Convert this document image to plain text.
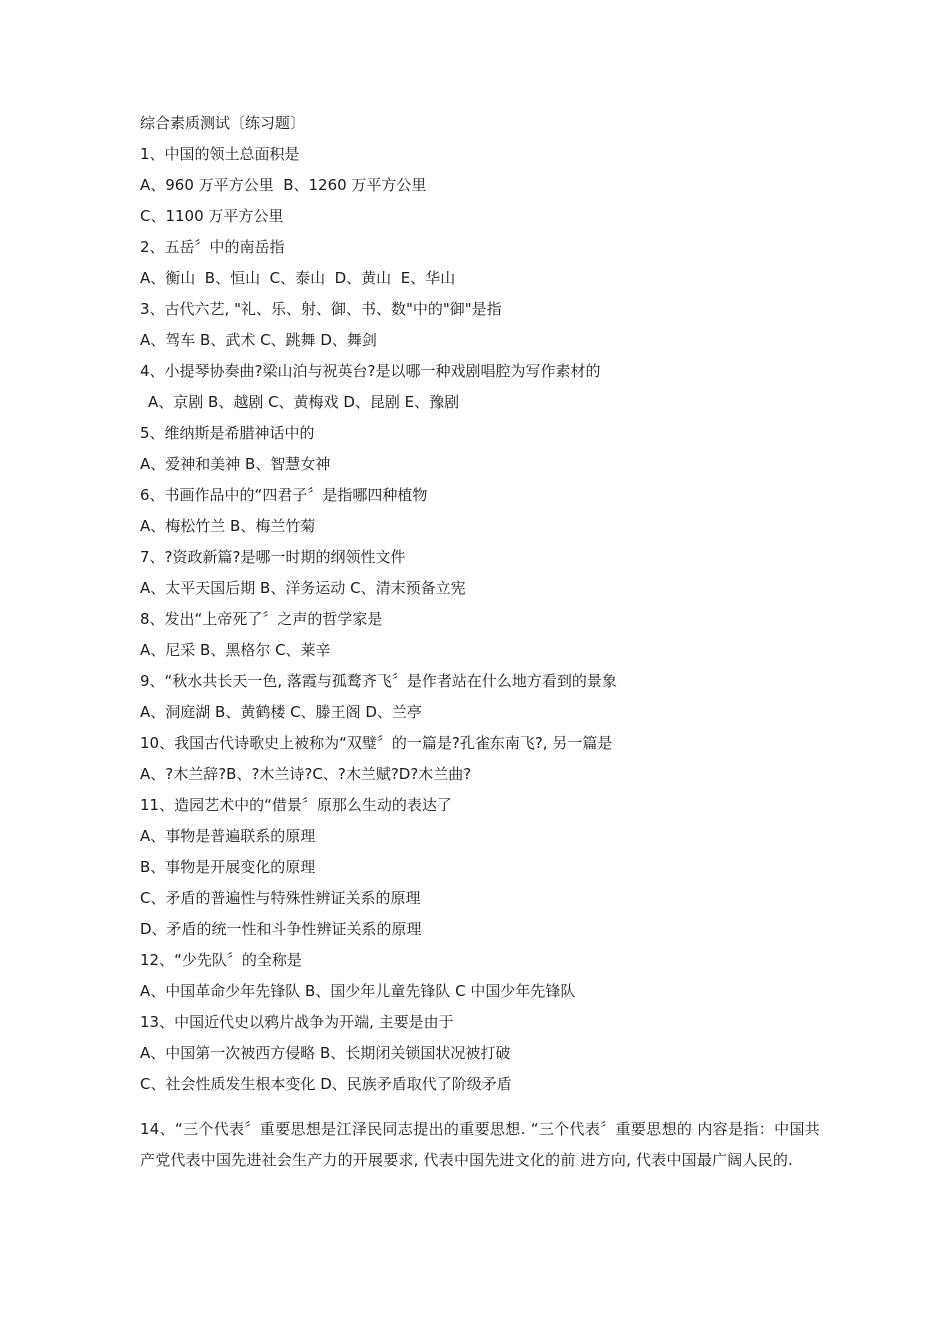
综合素质测试〔练习题〕
1、中国的领土总面积是
A、960 万平方公里  B、1260 万平方公里
C、1100 万平方公里
2、五岳〞中的南岳指
A、衡山  B、恒山  C、泰山  D、黄山  E、华山
3、古代六艺, "礼、乐、射、御、书、数"中的"御"是指
A、驾车 B、武术 C、跳舞 D、舞剑
4、小提琴协奏曲?梁山泊与祝英台?是以哪一种戏剧唱腔为写作素材的
A、京剧 B、越剧 C、黄梅戏 D、昆剧 E、豫剧
5、维纳斯是希腊神话中的
A、爱神和美神 B、智慧女神
6、书画作品中的“四君子〞是指哪四种植物
A、梅松竹兰 B、梅兰竹菊
7、?资政新篇?是哪一时期的纲领性文件
A、太平天国后期 B、洋务运动 C、清末预备立宪
8、发出“上帝死了〞之声的哲学家是
A、尼采 B、黑格尔 C、莱辛
9、“秋水共长天一色, 落霞与孤鹜齐飞〞是作者站在什么地方看到的景象
A、洞庭湖 B、黄鹤楼 C、滕王阁 D、兰亭
10、我国古代诗歌史上被称为“双璧〞的一篇是?孔雀东南飞?, 另一篇是
A、?木兰辞?B、?木兰诗?C、?木兰赋?D?木兰曲?
11、造园艺术中的“借景〞原那么生动的表达了
A、事物是普遍联系的原理
B、事物是开展变化的原理
C、矛盾的普遍性与特殊性辨证关系的原理
D、矛盾的统一性和斗争性辨证关系的原理
12、“少先队〞的全称是
A、中国革命少年先锋队 B、国少年儿童先锋队 C 中国少年先锋队
13、中国近代史以鸦片战争为开端, 主要是由于
A、中国第一次被西方侵略 B、长期闭关锁国状况被打破
C、社会性质发生根本变化 D、民族矛盾取代了阶级矛盾
14、“三个代表〞重要思想是江泽民同志提出的重要思想. “三个代表〞重要思想的 内容是指：中国共产党代表中国先进社会生产力的开展要求, 代表中国先进文化的前 进方向, 代表中国最广阔人民的.
